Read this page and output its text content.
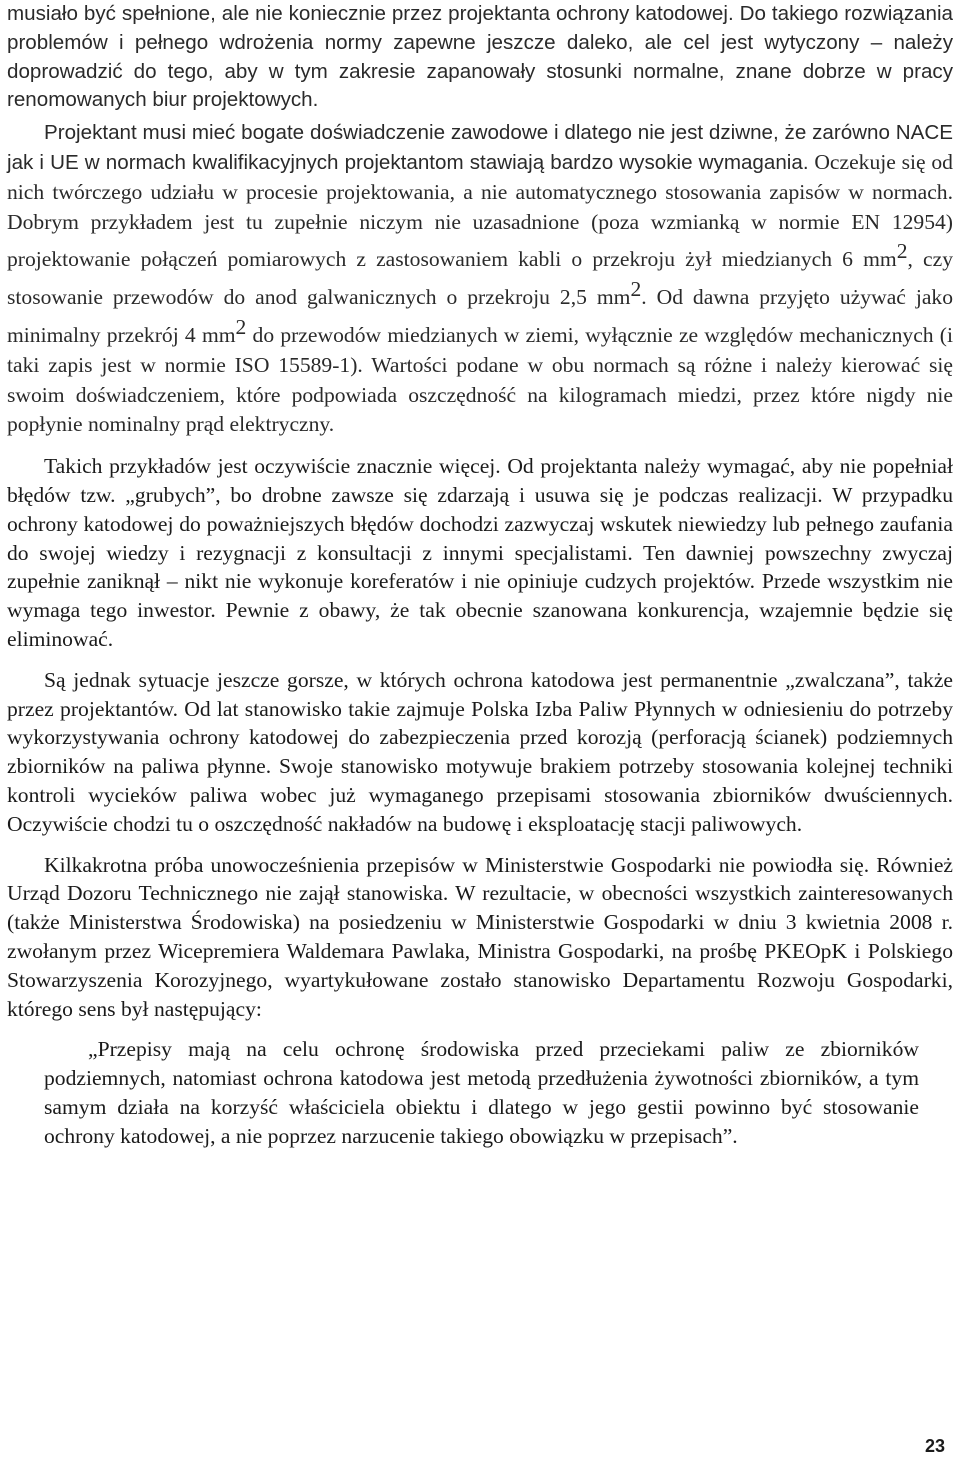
musiało być spełnione, ale nie koniecznie przez projektanta ochrony katodowej. Do takiego rozwiązania problemów i pełnego wdrożenia normy zapewne jeszcze daleko, ale cel jest wytyczony – należy doprowadzić do tego, aby w tym zakresie zapanowały stosunki normalne, znane dobrze w pracy renomowanych biur projektowych.

Projektant musi mieć bogate doświadczenie zawodowe i dlatego nie jest dziwne, że zarówno NACE jak i UE w normach kwalifikacyjnych projektantom stawiają bardzo wysokie wymagania. Oczekuje się od nich twórczego udziału w procesie projektowania, a nie automatycznego stosowania zapisów w normach. Dobrym przykładem jest tu zupełnie niczym nie uzasadnione (poza wzmianką w normie EN 12954) projektowanie połączeń pomiarowych z zastosowaniem kabli o przekroju żył miedzianych 6 $mm^2$, czy stosowanie przewodów do anod galwanicznych o przekroju 2,5 $mm^2$. Od dawna przyjęto używać jako minimalny przekrój 4 $mm^2$ do przewodów miedzianych w ziemi, wyłącznie ze względów mechanicznych (i taki zapis jest w normie ISO 15589-1). Wartości podane w obu normach są różne i należy kierować się swoim doświadczeniem, które podpowiada oszczędność na kilogramach miedzi, przez które nigdy nie popłynie nominalny prąd elektryczny.

Takich przykładów jest oczywiście znacznie więcej. Od projektanta należy wymagać, aby nie popełniał błędów tzw. „grubych”, bo drobne zawsze się zdarzają i usuwa się je podczas realizacji. W przypadku ochrony katodowej do poważniejszych błędów dochodzi zazwyczaj wskutek niewiedzy lub pełnego zaufania do swojej wiedzy i rezygnacji z konsultacji z innymi specjalistami. Ten dawniej powszechny zwyczaj zupełnie zaniknął – nikt nie wykonuje koreferatów i nie opiniuje cudzych projektów. Przede wszystkim nie wymaga tego inwestor. Pewnie z obawy, że tak obecnie szanowana konkurencja, wzajemnie będzie się eliminować.

Są jednak sytuacje jeszcze gorsze, w których ochrona katodowa jest permanentnie „zwalczana”, także przez projektantów. Od lat stanowisko takie zajmuje Polska Izba Paliw Płynnych w odniesieniu do potrzeby wykorzystywania ochrony katodowej do zabezpieczenia przed korozją (perforacją ścianek) podziemnych zbiorników na paliwa płynne. Swoje stanowisko motywuje brakiem potrzeby stosowania kolejnej techniki kontroli wycieków paliwa wobec już wymaganego przepisami stosowania zbiorników dwuściennych. Oczywiście chodzi tu o oszczędność nakładów na budowę i eksploatację stacji paliwowych.

Kilkakrotna próba unowocześnienia przepisów w Ministerstwie Gospodarki nie powiodła się. Również Urząd Dozoru Technicznego nie zajął stanowiska. W rezultacie, w obecności wszystkich zainteresowanych (także Ministerstwa Środowiska) na posiedzeniu w Ministerstwie Gospodarki w dniu 3 kwietnia 2008 r. zwołanym przez Wicepremiera Waldemara Pawlaka, Ministra Gospodarki, na prośbę PKEOpK i Polskiego Stowarzyszenia Korozyjnego, wyartykułowane zostało stanowisko Departamentu Rozwoju Gospodarki, którego sens był następujący:

„Przepisy mają na celu ochronę środowiska przed przeciekami paliw ze zbiorników podziemnych, natomiast ochrona katodowa jest metodą przedłużenia żywotności zbiorników, a tym samym działa na korzyść właściciela obiektu i dlatego w jego gestii powinno być stosowanie ochrony katodowej, a nie poprzez narzucenie takiego obowiązku w przepisach”.

23
